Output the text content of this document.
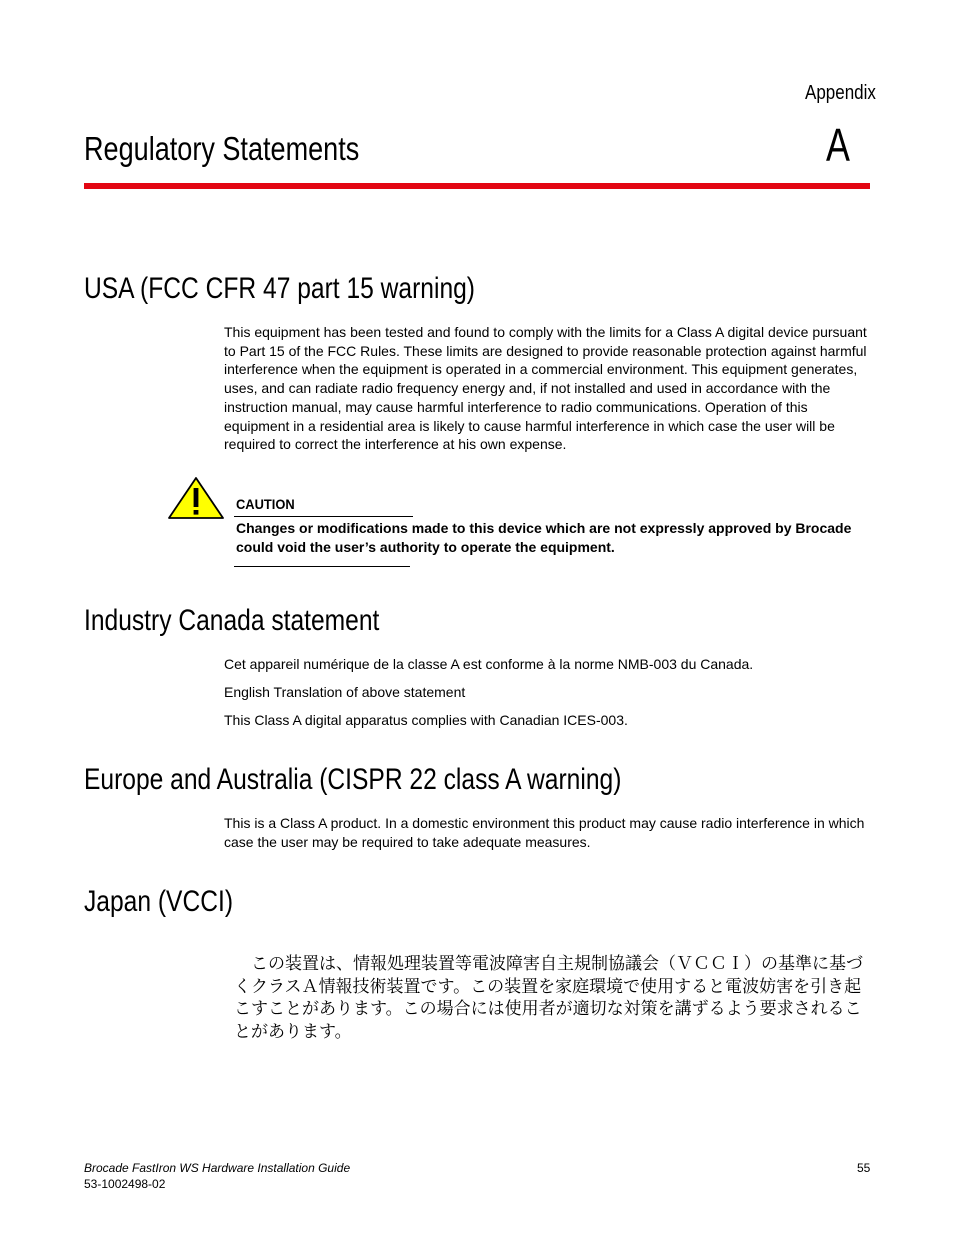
Appendix
A
Regulatory Statements
USA (FCC CFR 47 part 15 warning)
This equipment has been tested and found to comply with the limits for a Class A digital device pursuant to Part 15 of the FCC Rules. These limits are designed to provide reasonable protection against harmful interference when the equipment is operated in a commercial environment. This equipment generates, uses, and can radiate radio frequency energy and, if not installed and used in accordance with the instruction manual, may cause harmful interference to radio communications. Operation of this equipment in a residential area is likely to cause harmful interference in which case the user will be required to correct the interference at his own expense.
CAUTION
Changes or modifications made to this device which are not expressly approved by Brocade could void the user’s authority to operate the equipment.
Industry Canada statement
Cet appareil numérique de la classe A est conforme à la norme NMB-003 du Canada.
English Translation of above statement
This Class A digital apparatus complies with Canadian ICES-003.
Europe and Australia (CISPR 22 class A warning)
This is a Class A product. In a domestic environment this product may cause radio interference in which case the user may be required to take adequate measures.
Japan (VCCI)
この装置は、情報処理装置等電波障害自主規制協議会（ＶＣＣＩ）の基準に基づくクラスＡ情報技術装置です。この装置を家庭環境で使用すると電波妨害を引き起こすことがあります。この場合には使用者が適切な対策を講ずるよう要求されることがあります。
Brocade FastIron WS Hardware Installation Guide
53-1002498-02
55
